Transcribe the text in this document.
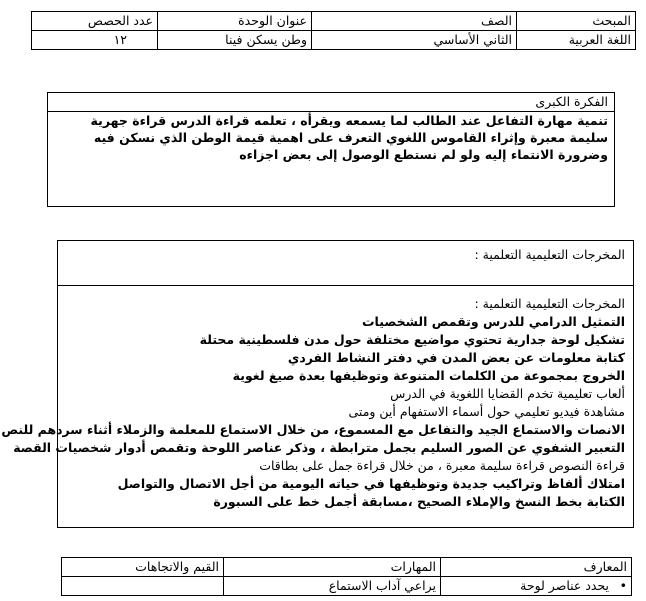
المبحث	الصف	عنوان الوحدة	عدد الحصص
اللغة العربية	الثاني الأساسي	وطن يسكن فينا	١٢
الفكرة الكبرى
تنمية مهارة التفاعل عند الطالب لما يسمعه ويقرأه ، تعلمه قراءة الدرس قراءة جهرية سليمة معبرة وإثراء القاموس اللغوي التعرف على اهمية قيمة الوطن الذي نسكن فيه وضرورة الانتماء إليه ولو لم نستطع الوصول إلى بعض اجزاءه
المخرجات التعليمية التعلمية :
المخرجات التعليمية التعلمية :
التمثيل الدرامي للدرس وتقمص الشخصيات
تشكيل لوحة جدارية تحتوي مواضيع مختلفة حول مدن فلسطينية محتلة
كتابة معلومات عن بعض المدن في دفتر النشاط الفردي
الخروج بمجموعة من الكلمات المتنوعة وتوظيفها بعدة صيغ لغوية
ألعاب تعليمية تخدم القضايا اللغوية في الدرس
مشاهدة فيديو تعليمي حول أسماء الاستفهام أين ومتى
الانصات والاستماع الجيد والتفاعل مع المسموع، من خلال الاستماع للمعلمة والزملاء أثناء سردهم للنص
التعبير الشفوي عن الصور السليم بجمل مترابطة ، وذكر عناصر اللوحة وتقمص أدوار شخصيات القصة
قراءة النصوص قراءة سليمة معبرة ، من خلال قراءة جمل على بطاقات
امتلاك ألفاظ وتراكيب جديدة وتوظيفها في حياته اليومية من أجل الاتصال والتواصل
الكتابة بخط النسخ والإملاء الصحيح ،مسابقة أجمل خط على السبورة
المعارف	المهارات	القيم والاتجاهات
• يحدد عناصر لوحة	يراعي آداب الاستماع	
